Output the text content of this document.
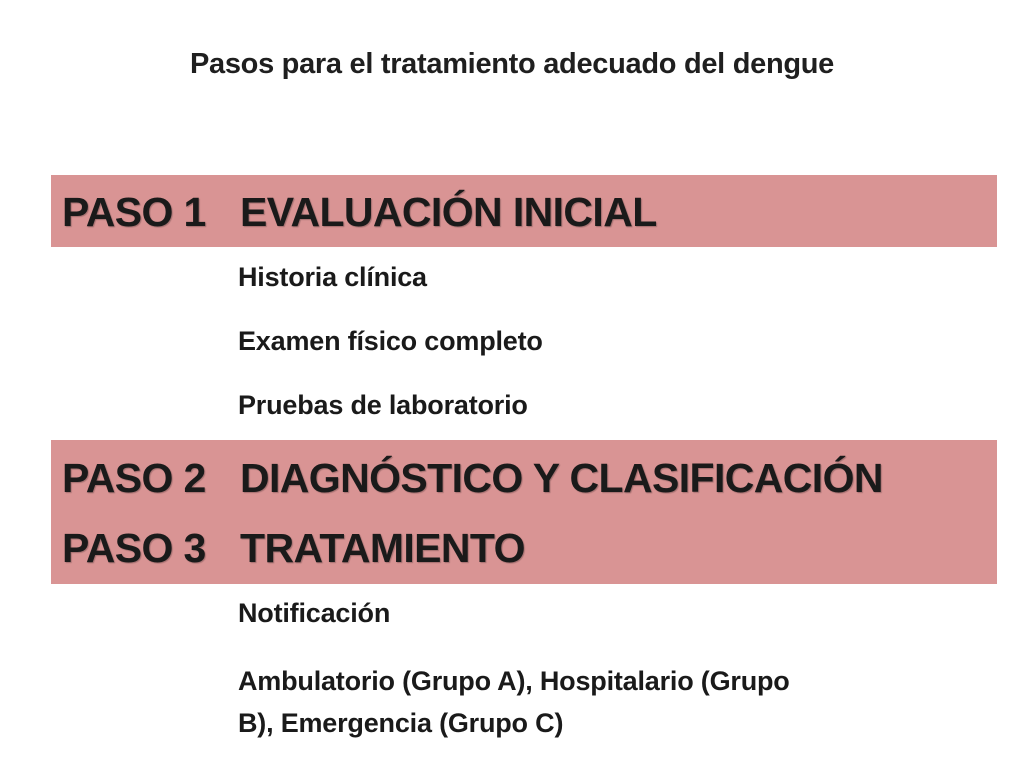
Pasos para el tratamiento adecuado del dengue
PASO 1 EVALUACIÓN INICIAL
Historia clínica
Examen físico completo
Pruebas de laboratorio
PASO 2 DIAGNÓSTICO Y CLASIFICACIÓN
PASO 3 TRATAMIENTO
Notificación
Ambulatorio (Grupo A), Hospitalario (Grupo
B), Emergencia (Grupo C)
